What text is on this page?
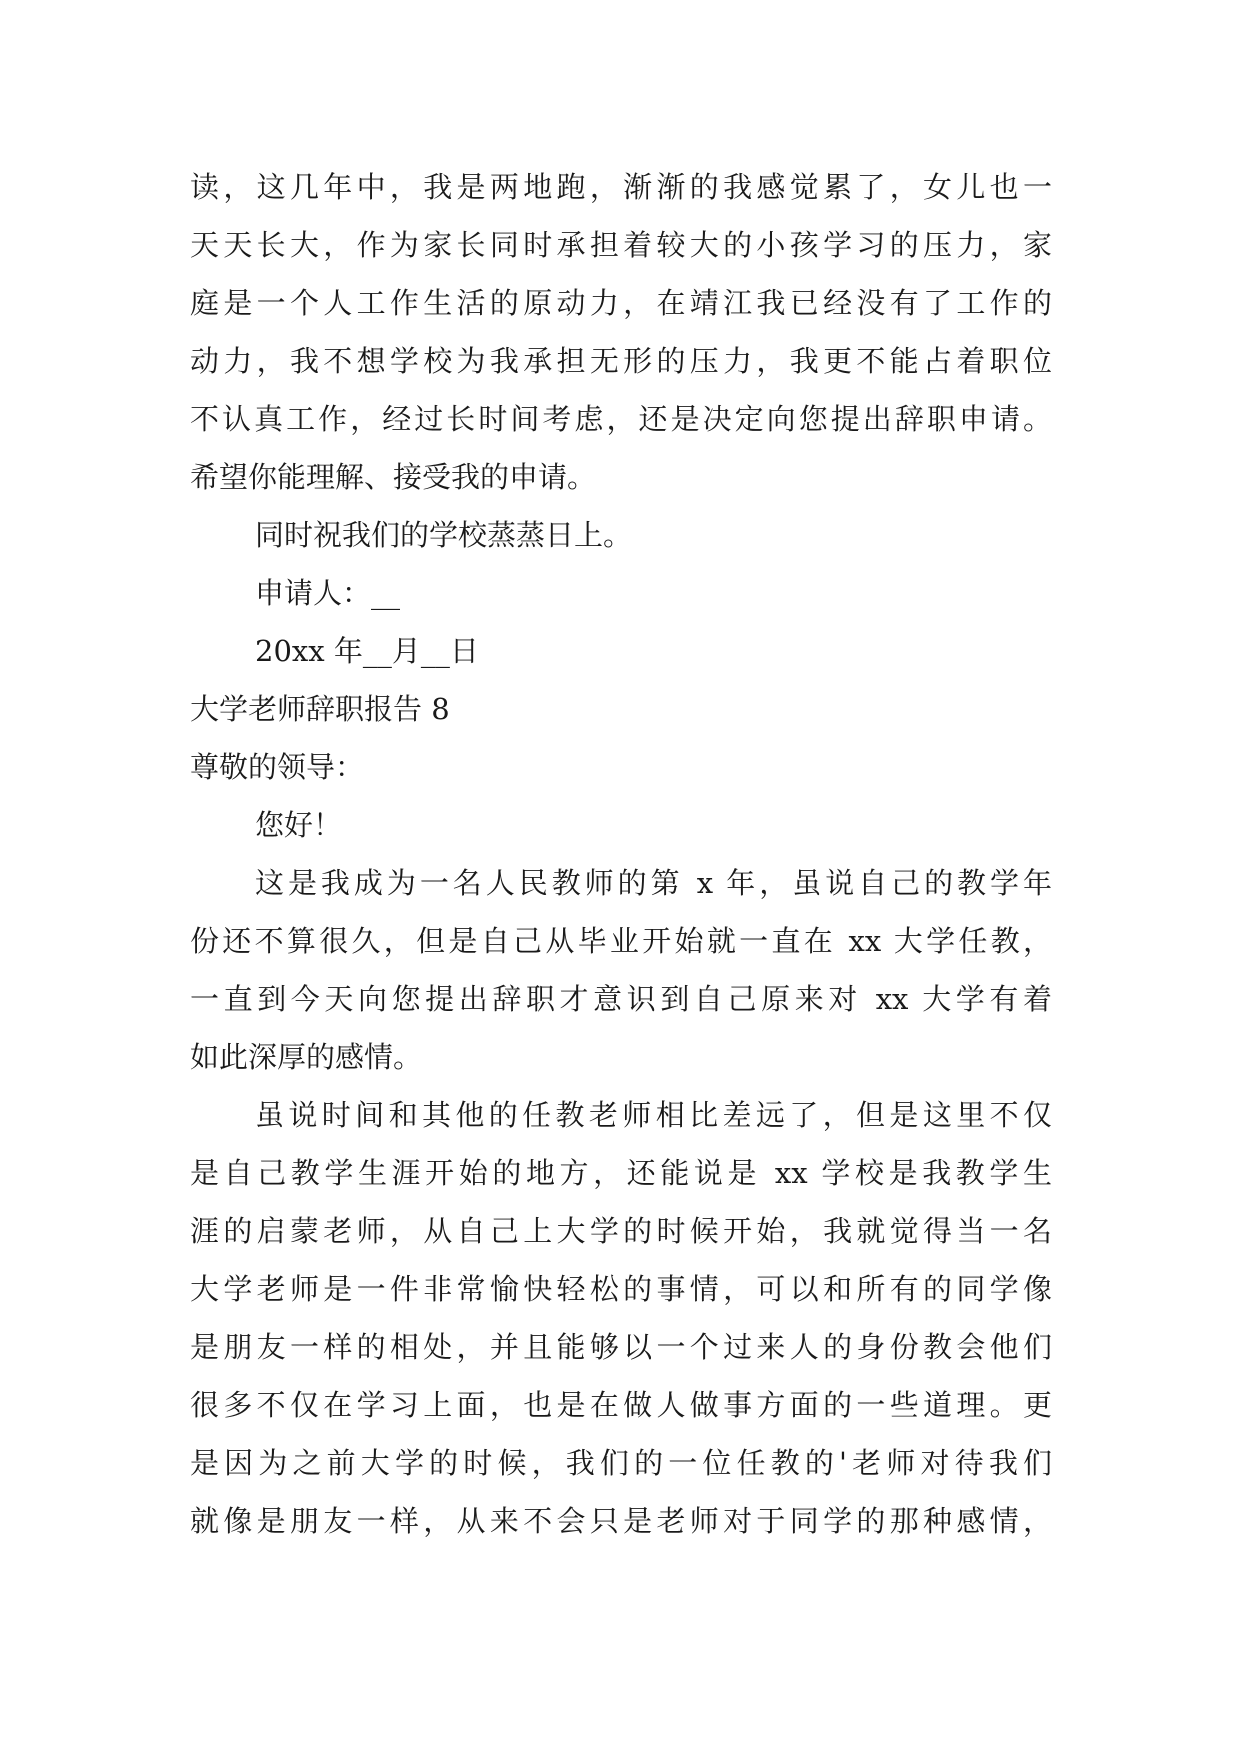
读，这几年中，我是两地跑，渐渐的我感觉累了，女儿也一
天天长大，作为家长同时承担着较大的小孩学习的压力，家
庭是一个人工作生活的原动力，在靖江我已经没有了工作的
动力，我不想学校为我承担无形的压力，我更不能占着职位
不认真工作，经过长时间考虑，还是决定向您提出辞职申请。
希望你能理解、接受我的申请。
同时祝我们的学校蒸蒸日上。
申请人：__
20xx 年__月__日
大学老师辞职报告 8
尊敬的领导：
您好！
这是我成为一名人民教师的第 x 年，虽说自己的教学年
份还不算很久，但是自己从毕业开始就一直在 xx 大学任教，
一直到今天向您提出辞职才意识到自己原来对 xx 大学有着
如此深厚的感情。
虽说时间和其他的任教老师相比差远了，但是这里不仅
是自己教学生涯开始的地方，还能说是 xx 学校是我教学生
涯的启蒙老师，从自己上大学的时候开始，我就觉得当一名
大学老师是一件非常愉快轻松的事情，可以和所有的同学像
是朋友一样的相处，并且能够以一个过来人的身份教会他们
很多不仅在学习上面，也是在做人做事方面的一些道理。更
是因为之前大学的时候，我们的一位任教的'老师对待我们
就像是朋友一样，从来不会只是老师对于同学的那种感情，
